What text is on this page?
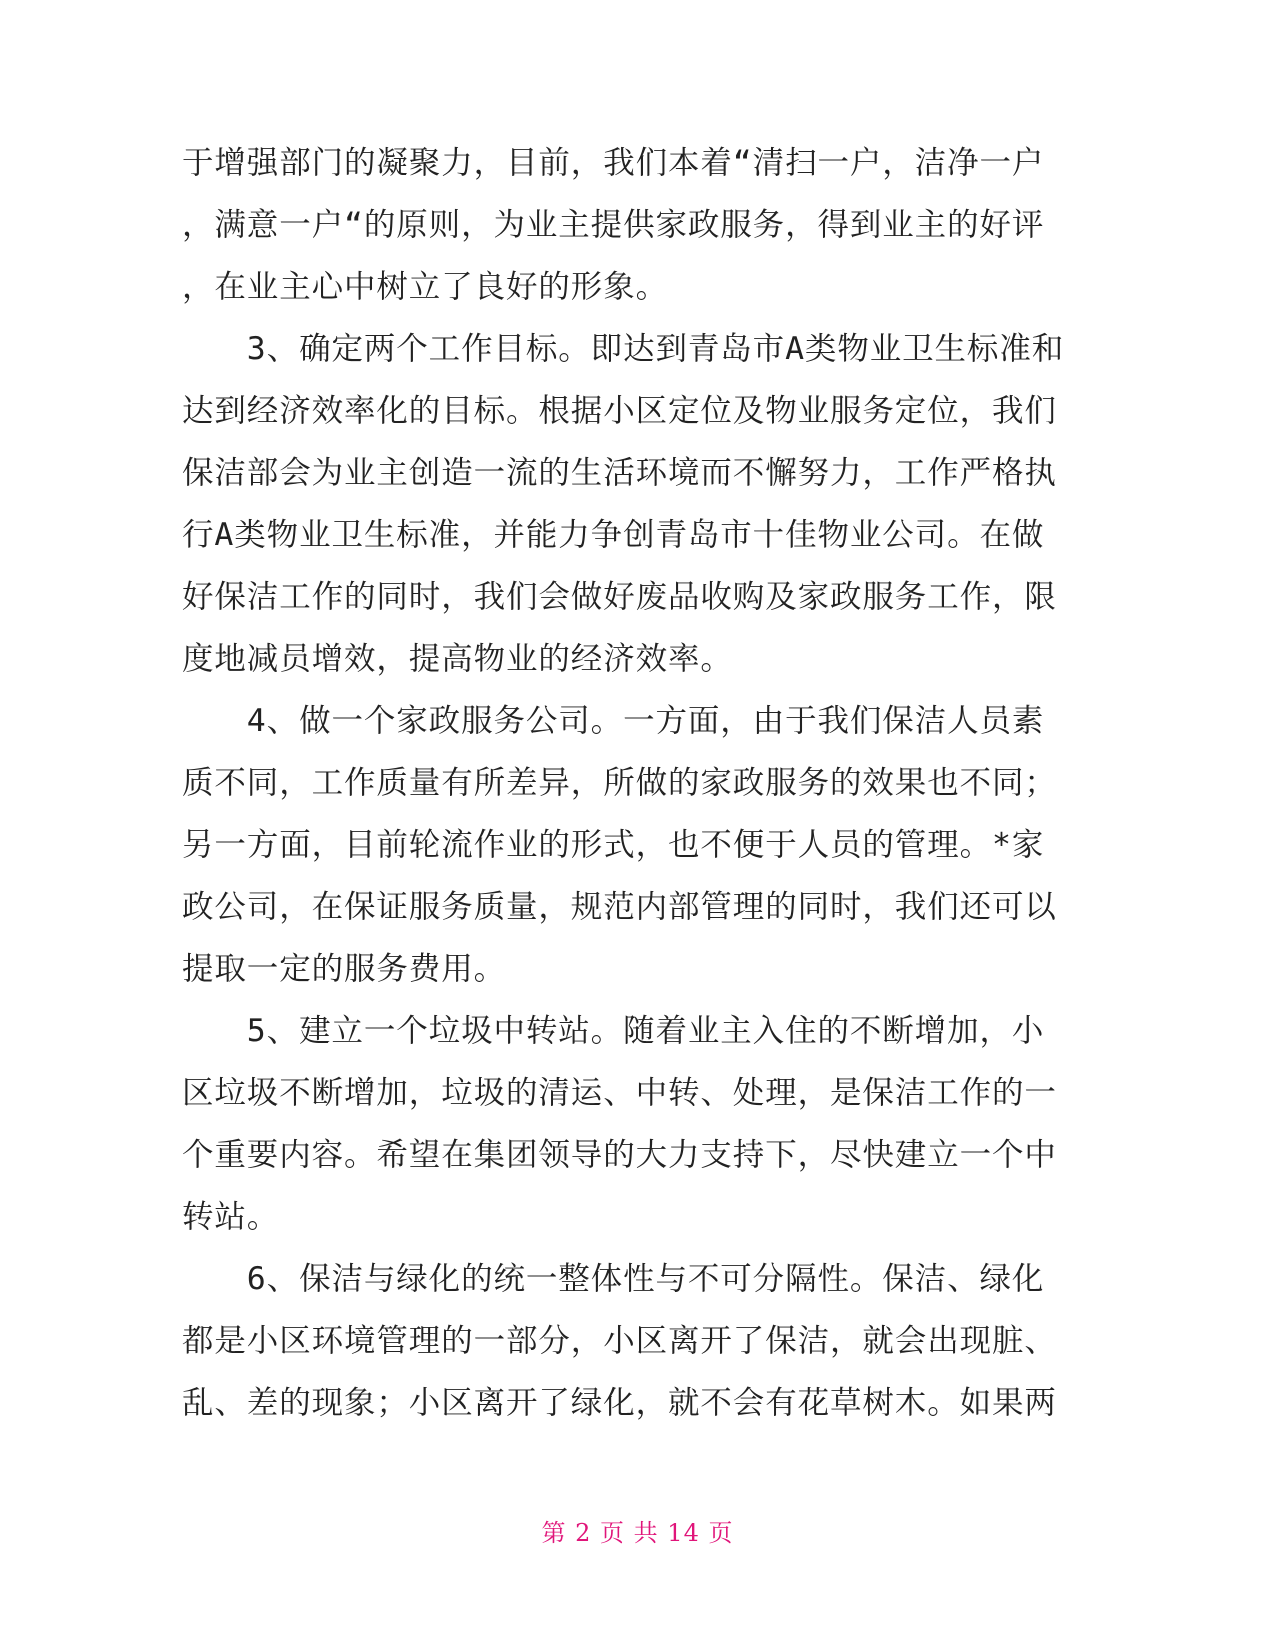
于增强部门的凝聚力，目前，我们本着“清扫一户，洁净一户
，满意一户“的原则，为业主提供家政服务，得到业主的好评
，在业主心中树立了良好的形象。
　　3、确定两个工作目标。即达到青岛市A类物业卫生标准和
达到经济效率化的目标。根据小区定位及物业服务定位，我们
保洁部会为业主创造一流的生活环境而不懈努力，工作严格执
行A类物业卫生标准，并能力争创青岛市十佳物业公司。在做
好保洁工作的同时，我们会做好废品收购及家政服务工作，限
度地减员增效，提高物业的经济效率。
　　4、做一个家政服务公司。一方面，由于我们保洁人员素
质不同，工作质量有所差异，所做的家政服务的效果也不同；
另一方面，目前轮流作业的形式，也不便于人员的管理。*家
政公司，在保证服务质量，规范内部管理的同时，我们还可以
提取一定的服务费用。
　　5、建立一个垃圾中转站。随着业主入住的不断增加，小
区垃圾不断增加，垃圾的清运、中转、处理，是保洁工作的一
个重要内容。希望在集团领导的大力支持下，尽快建立一个中
转站。
　　6、保洁与绿化的统一整体性与不可分隔性。保洁、绿化
都是小区环境管理的一部分，小区离开了保洁，就会出现脏、
乱、差的现象；小区离开了绿化，就不会有花草树木。如果两
第 2 页 共 14 页
